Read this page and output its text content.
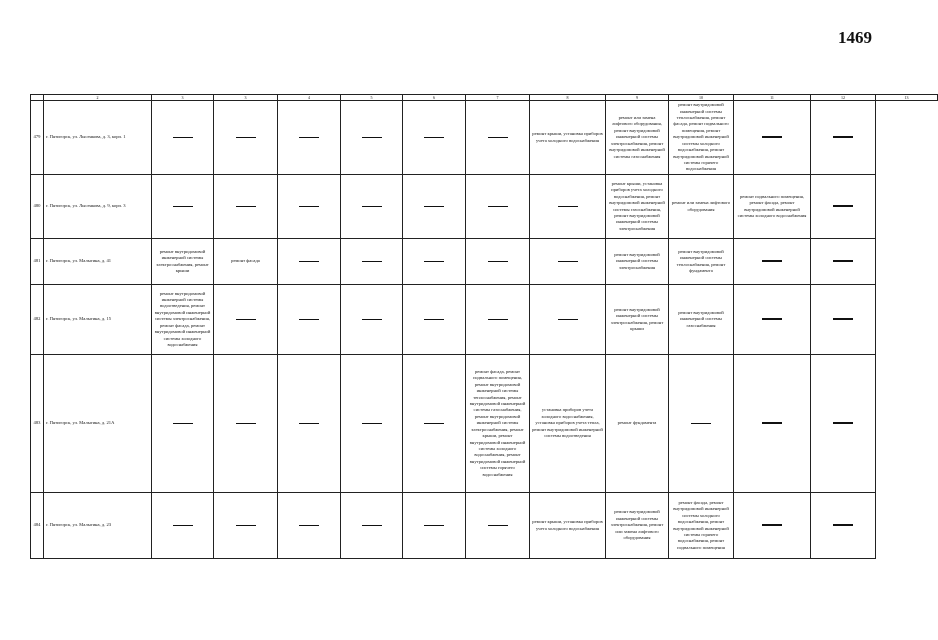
1469
	2	3	3	4	5	6	7	8	9	10	11	12	13
479	г. Пятигорск, ул. Лысенкова, д. 3, корп. 1							ремонт крыши, установка приборов учета холодного водоснабжения	ремонт или замена лифтового оборудования, ремонт внутридомовой инженерной системы электроснабжения, ремонт внутридомовой инженерной системы газоснабжения	ремонт внутридомовой инженерной системы теплоснабжения, ремонт фасада, ремонт подвального помещения, ремонт внутридомовой инженерной системы холодного водоснабжения, ремонт внутридомовой инженерной системы горячего водоснабжения			
480	г. Пятигорск, ул. Лысенкова, д. 9, корп. 3								ремонт крыши, установка приборов учета холодного водоснабжения, ремонт внутридомовой инженерной системы газоснабжения, ремонт внутридомовой инженерной системы электроснабжения	ремонт или замена лифтового оборудования	ремонт подвального помещения, ремонт фасада, ремонт внутридомовой инженерной системы холодного водоснабжения		
481	г. Пятигорск, ул. Малыгина, д. 41	ремонт внутридомовой инженерной системы электроснабжения, ремонт крыши	ремонт фасада						ремонт внутридомовой инженерной системы электроснабжения	ремонт внутридомовой инженерной системы теплоснабжения, ремонт фундамента			
482	г. Пятигорск, ул. Малыгина, д. 15	ремонт внутридомовой инженерной системы водоотведения, ремонт внутридомовой инженерной системы электроснабжения, ремонт фасада, ремонт внутридомовой инженерной системы холодного водоснабжения							ремонт внутридомовой инженерной системы электроснабжения, ремонт крыши	ремонт внутридомовой инженерной системы газоснабжения			
483	г. Пятигорск, ул. Малыгина, д. 21А						ремонт фасада, ремонт подвального помещения, ремонт внутридомовой инженерной системы теплоснабжения, ремонт внутридомовой инженерной системы газоснабжения, ремонт внутридомовой инженерной системы электроснабжения, ремонт крыши, ремонт внутридомовой инженерной системы холодного водоснабжения, ремонт внутридомовой инженерной системы горячего водоснабжения	установка приборов учета холодного водоснабжения, установка приборов учета тепла, ремонт внутридомовой инженерной системы водоотведения	ремонт фундамента				
484	г. Пятигорск, ул. Малыгина, д. 23							ремонт крыши, установка приборов учета холодного водоснабжения	ремонт внутридомовой инженерной системы электроснабжения, ремонт или замена лифтового оборудования	ремонт фасада, ремонт внутридомовой инженерной системы холодного водоснабжения, ремонт внутридомовой инженерной системы горячего водоснабжения, ремонт подвального помещения			
